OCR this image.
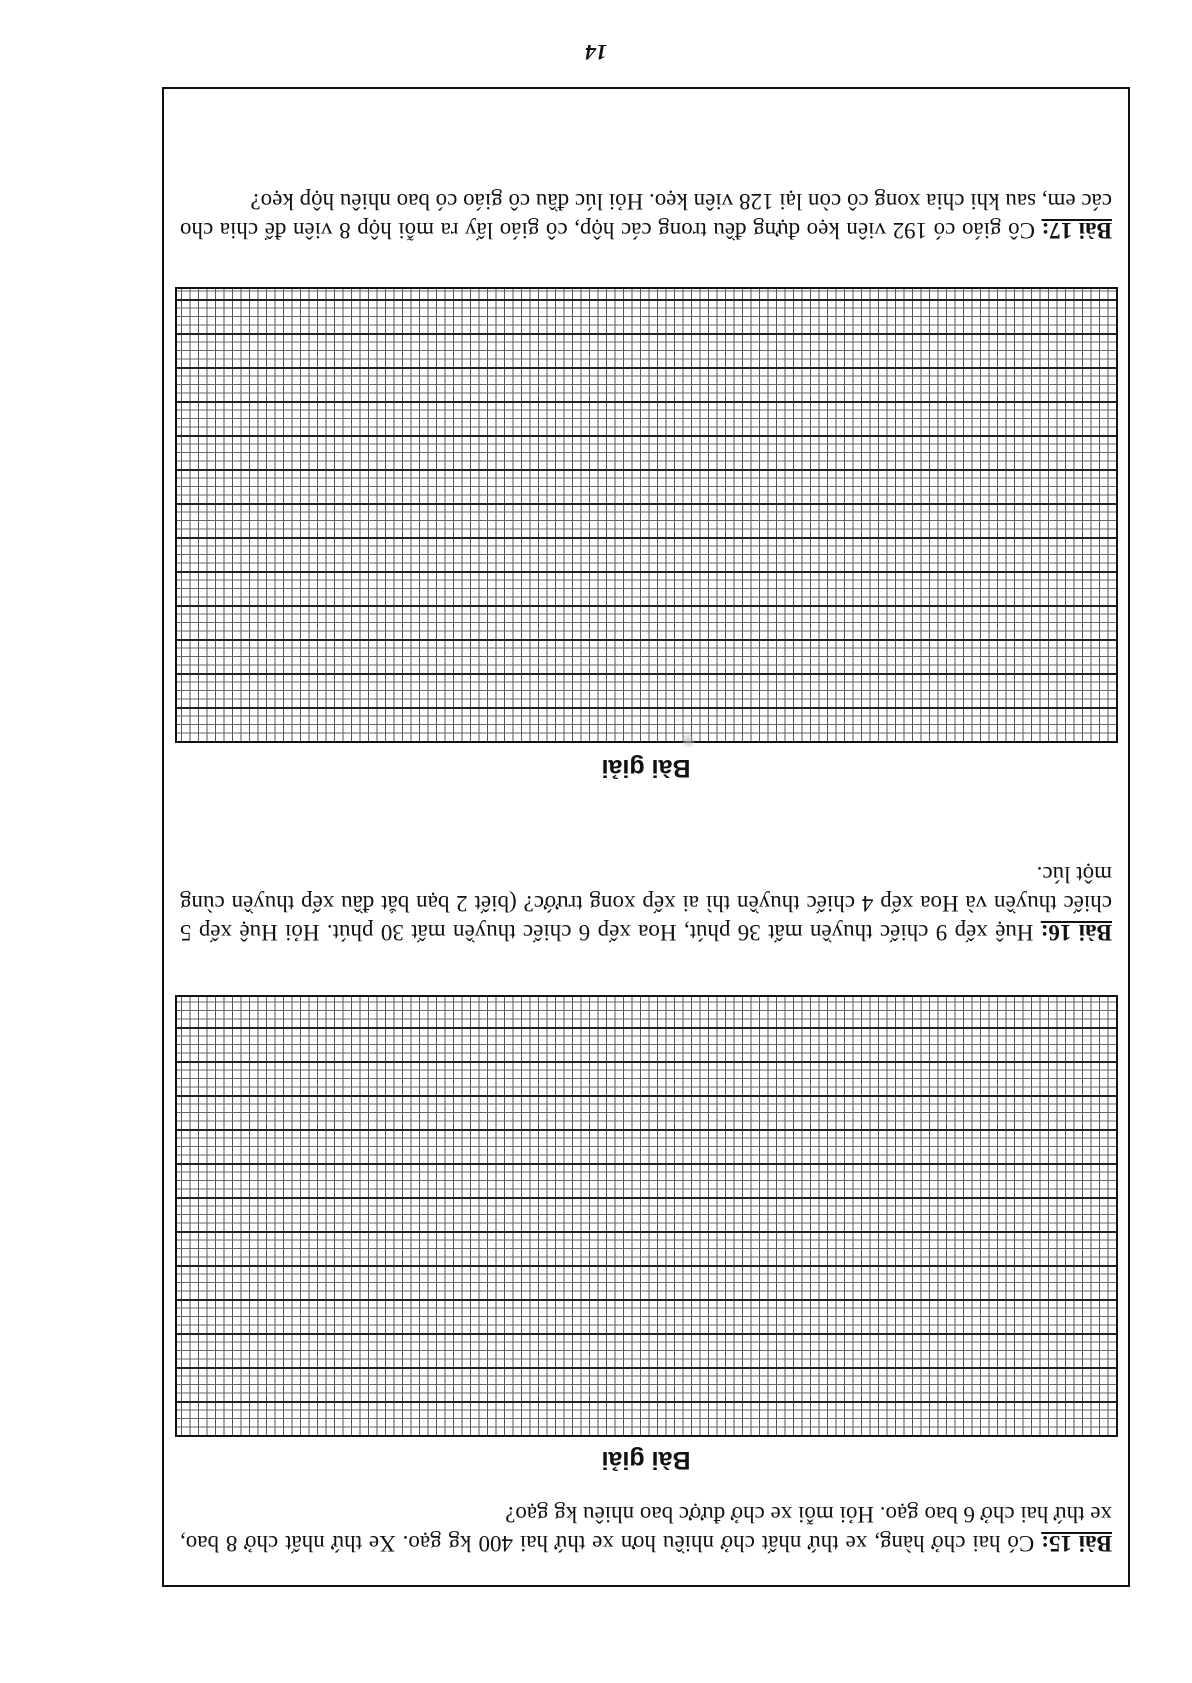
Bài 15: Có hai chở hàng, xe thứ nhất chở nhiều hơn xe thứ hai 400 kg gạo. Xe thứ nhất chở 8 bao, xe thứ hai chở 6 bao gạo. Hỏi mỗi xe chở được bao nhiêu kg gạo?
Bài giải
Bài 16: Huệ xếp 9 chiếc thuyền mất 36 phút, Hoa xếp 6 chiếc thuyền mất 30 phút. Hỏi Huệ xếp 5 chiếc thuyền và Hoa xếp 4 chiếc thuyền thì ai xếp xong trước? (biết 2 bạn bắt đầu xếp thuyền cùng một lúc.
Bài giải
Bài 17: Cô giáo có 192 viên kẹo đựng đều trong các hộp, cô giáo lấy ra mỗi hộp 8 viên để chia cho các em, sau khi chia xong cô còn lại 128 viên kẹo. Hỏi lúc đầu cô giáo có bao nhiêu hộp kẹo?
14
✺
